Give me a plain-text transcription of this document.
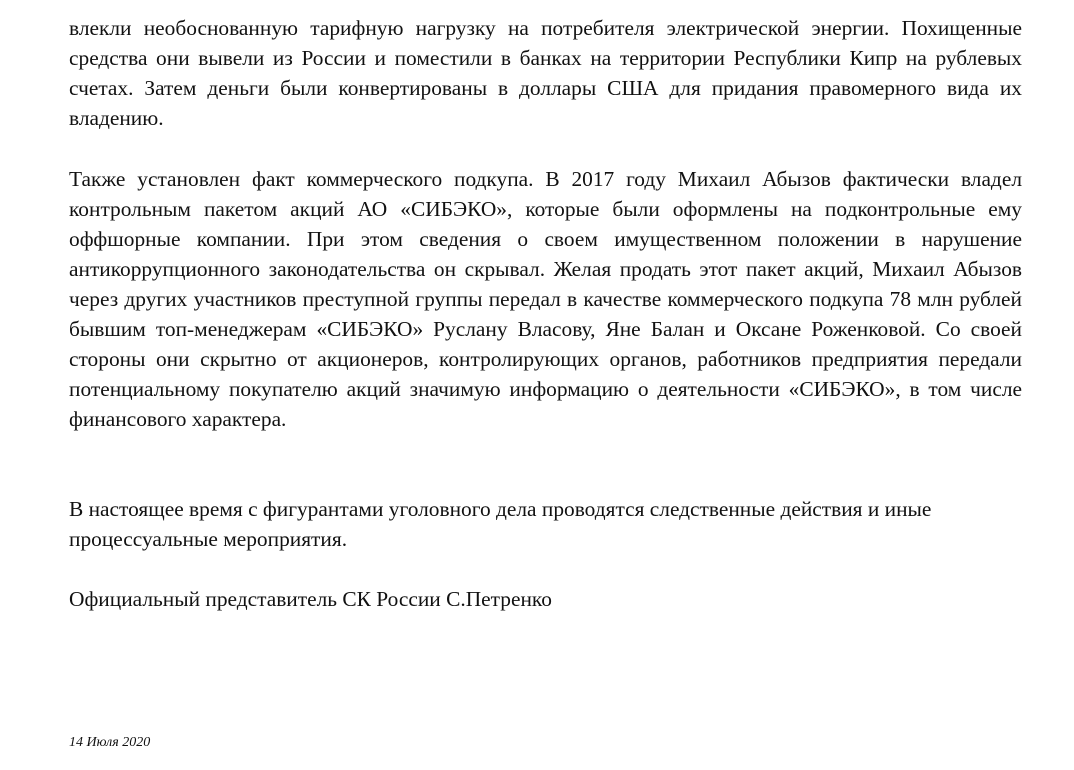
влекли необоснованную тарифную нагрузку на потребителя электрической энергии. Похищенные средства они вывели из России и поместили в банках на территории Республики Кипр на рублевых счетах. Затем деньги были конвертированы в доллары США для придания правомерного вида их владению.

Также установлен факт коммерческого подкупа. В 2017 году Михаил Абызов фактически владел контрольным пакетом акций АО «СИБЭКО», которые были оформлены на подконтрольные ему оффшорные компании. При этом сведения о своем имущественном положении в нарушение антикоррупционного законодательства он скрывал. Желая продать этот пакет акций, Михаил Абызов через других участников преступной группы передал в качестве коммерческого подкупа 78 млн рублей бывшим топ-менеджерам «СИБЭКО» Руслану Власову, Яне Балан и Оксане Роженковой. Со своей стороны они скрытно от акционеров, контролирующих органов, работников предприятия передали потенциальному покупателю акций значимую информацию о деятельности «СИБЭКО», в том числе финансового характера.

В настоящее время с фигурантами уголовного дела проводятся следственные действия и иные процессуальные мероприятия.

Официальный представитель СК России С.Петренко

14 Июля 2020
